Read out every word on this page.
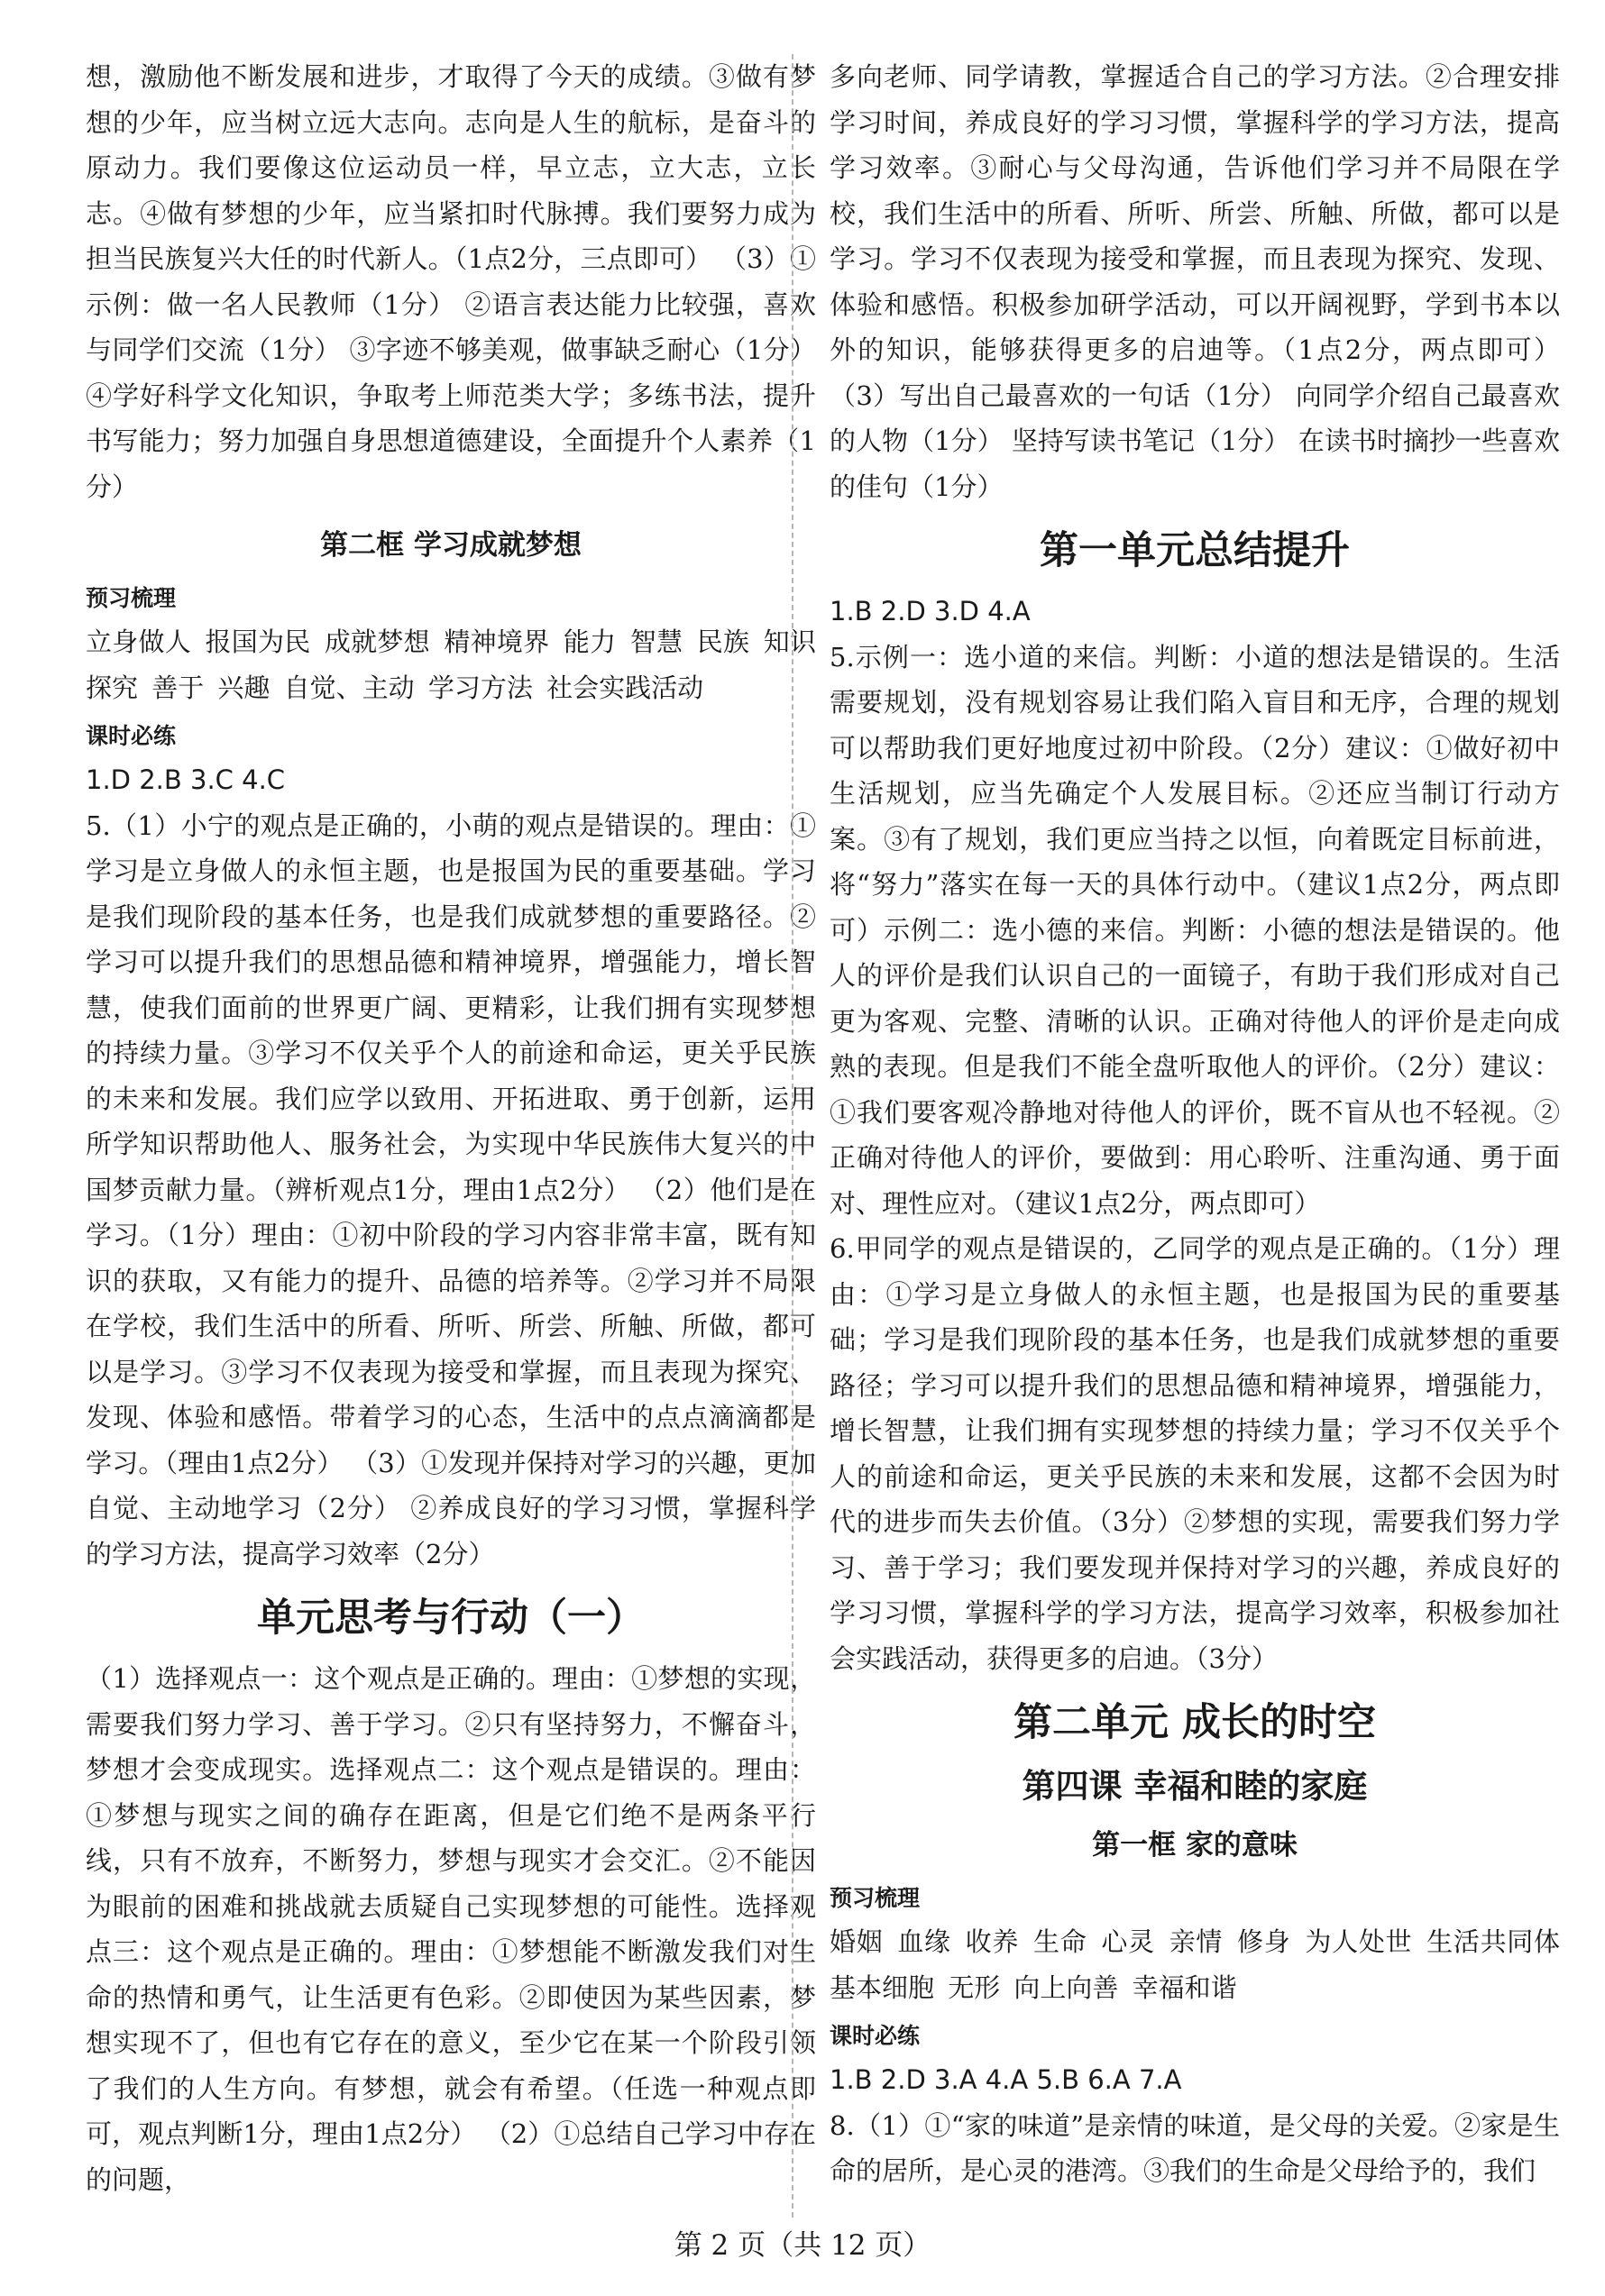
想，激励他不断发展和进步，才取得了今天的成绩。③做有梦想的少年，应当树立远大志向。志向是人生的航标，是奋斗的原动力。我们要像这位运动员一样，早立志，立大志，立长志。④做有梦想的少年，应当紧扣时代脉搏。我们要努力成为担当民族复兴大任的时代新人。（1点2分，三点即可） （3）①示例：做一名人民教师（1分） ②语言表达能力比较强，喜欢与同学们交流（1分） ③字迹不够美观，做事缺乏耐心（1分） ④学好科学文化知识，争取考上师范类大学；多练书法，提升书写能力；努力加强自身思想道德建设，全面提升个人素养（1分）

第二框 学习成就梦想
预习梳理

立身做人 报国为民 成就梦想 精神境界 能力 智慧 民族 知识 探究 善于 兴趣 自觉、主动 学习方法 社会实践活动

课时必练

1.D 2.B 3.C 4.C

5.（1）小宁的观点是正确的，小萌的观点是错误的。理由：①学习是立身做人的永恒主题，也是报国为民的重要基础。学习是我们现阶段的基本任务，也是我们成就梦想的重要路径。②学习可以提升我们的思想品德和精神境界，增强能力，增长智慧，使我们面前的世界更广阔、更精彩，让我们拥有实现梦想的持续力量。③学习不仅关乎个人的前途和命运，更关乎民族的未来和发展。我们应学以致用、开拓进取、勇于创新，运用所学知识帮助他人、服务社会，为实现中华民族伟大复兴的中国梦贡献力量。（辨析观点1分，理由1点2分） （2）他们是在学习。（1分）理由：①初中阶段的学习内容非常丰富，既有知识的获取，又有能力的提升、品德的培养等。②学习并不局限在学校，我们生活中的所看、所听、所尝、所触、所做，都可以是学习。③学习不仅表现为接受和掌握，而且表现为探究、发现、体验和感悟。带着学习的心态，生活中的点点滴滴都是学习。（理由1点2分） （3）①发现并保持对学习的兴趣，更加自觉、主动地学习（2分） ②养成良好的学习习惯，掌握科学的学习方法，提高学习效率（2分）

单元思考与行动（一）

（1）选择观点一：这个观点是正确的。理由：①梦想的实现，需要我们努力学习、善于学习。②只有坚持努力，不懈奋斗，梦想才会变成现实。选择观点二：这个观点是错误的。理由：①梦想与现实之间的确存在距离，但是它们绝不是两条平行线，只有不放弃，不断努力，梦想与现实才会交汇。②不能因为眼前的困难和挑战就去质疑自己实现梦想的可能性。选择观点三：这个观点是正确的。理由：①梦想能不断激发我们对生命的热情和勇气，让生活更有色彩。②即使因为某些因素，梦想实现不了，但也有它存在的意义，至少它在某一个阶段引领了我们的人生方向。有梦想，就会有希望。（任选一种观点即可，观点判断1分，理由1点2分） （2）①总结自己学习中存在的问题，

多向老师、同学请教，掌握适合自己的学习方法。②合理安排学习时间，养成良好的学习习惯，掌握科学的学习方法，提高学习效率。③耐心与父母沟通，告诉他们学习并不局限在学校，我们生活中的所看、所听、所尝、所触、所做，都可以是学习。学习不仅表现为接受和掌握，而且表现为探究、发现、体验和感悟。积极参加研学活动，可以开阔视野，学到书本以外的知识，能够获得更多的启迪等。（1点2分，两点即可） （3）写出自己最喜欢的一句话（1分） 向同学介绍自己最喜欢的人物（1分） 坚持写读书笔记（1分） 在读书时摘抄一些喜欢的佳句（1分）

第一单元总结提升

1.B 2.D 3.D 4.A

5.示例一：选小道的来信。判断：小道的想法是错误的。生活需要规划，没有规划容易让我们陷入盲目和无序，合理的规划可以帮助我们更好地度过初中阶段。（2分）建议：①做好初中生活规划，应当先确定个人发展目标。②还应当制订行动方案。③有了规划，我们更应当持之以恒，向着既定目标前进，将“努力”落实在每一天的具体行动中。（建议1点2分，两点即可）示例二：选小德的来信。判断：小德的想法是错误的。他人的评价是我们认识自己的一面镜子，有助于我们形成对自己更为客观、完整、清晰的认识。正确对待他人的评价是走向成熟的表现。但是我们不能全盘听取他人的评价。（2分）建议：①我们要客观冷静地对待他人的评价，既不盲从也不轻视。②正确对待他人的评价，要做到：用心聆听、注重沟通、勇于面对、理性应对。（建议1点2分，两点即可）

6.甲同学的观点是错误的，乙同学的观点是正确的。（1分）理由：①学习是立身做人的永恒主题，也是报国为民的重要基础；学习是我们现阶段的基本任务，也是我们成就梦想的重要路径；学习可以提升我们的思想品德和精神境界，增强能力，增长智慧，让我们拥有实现梦想的持续力量；学习不仅关乎个人的前途和命运，更关乎民族的未来和发展，这都不会因为时代的进步而失去价值。（3分）②梦想的实现，需要我们努力学习、善于学习；我们要发现并保持对学习的兴趣，养成良好的学习习惯，掌握科学的学习方法，提高学习效率，积极参加社会实践活动，获得更多的启迪。（3分）

第二单元 成长的时空
第四课 幸福和睦的家庭
第一框 家的意味
预习梳理

婚姻 血缘 收养 生命 心灵 亲情 修身 为人处世 生活共同体 基本细胞 无形 向上向善 幸福和谐

课时必练

1.B 2.D 3.A 4.A 5.B 6.A 7.A

8.（1）①“家的味道”是亲情的味道，是父母的关爱。②家是生命的居所，是心灵的港湾。③我们的生命是父母给予的，我们

第 2 页（共 12 页）
